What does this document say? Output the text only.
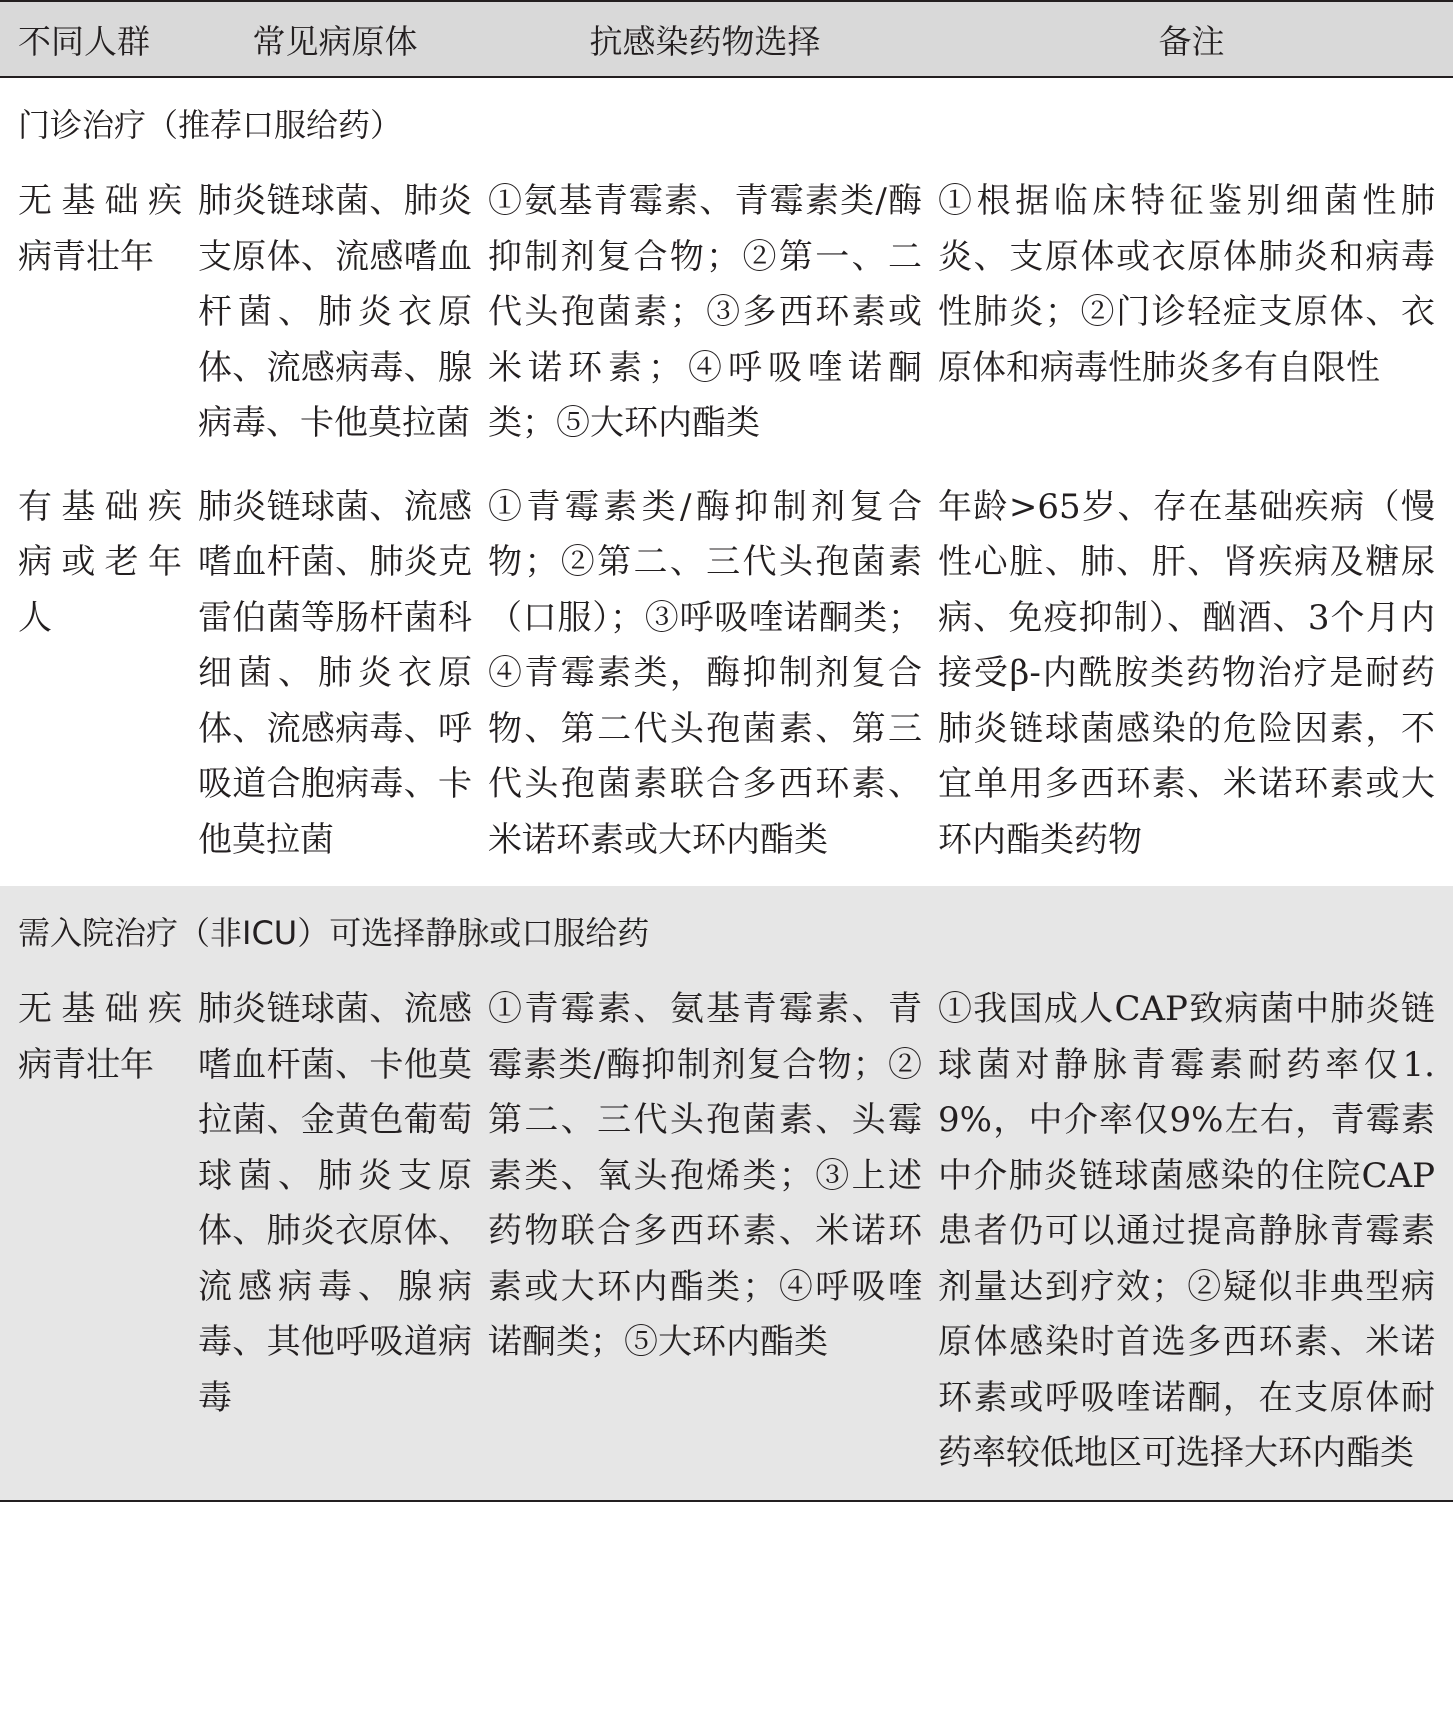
不同人群	常见病原体	抗感染药物选择	备注
门诊治疗（推荐口服给药）			
无基础疾病青壮年	肺炎链球菌、肺炎支原体、流感嗜血杆菌、肺炎衣原体、流感病毒、腺病毒、卡他莫拉菌	①氨基青霉素、青霉素类/酶抑制剂复合物；②第一、二代头孢菌素；③多西环素或米诺环素；④呼吸喹诺酮类；⑤大环内酯类	①根据临床特征鉴别细菌性肺炎、支原体或衣原体肺炎和病毒性肺炎；②门诊轻症支原体、衣原体和病毒性肺炎多有自限性
有基础疾病或老年人	肺炎链球菌、流感嗜血杆菌、肺炎克雷伯菌等肠杆菌科细菌、肺炎衣原体、流感病毒、呼吸道合胞病毒、卡他莫拉菌	①青霉素类/酶抑制剂复合物；②第二、三代头孢菌素（口服）；③呼吸喹诺酮类；④青霉素类，酶抑制剂复合物、第二代头孢菌素、第三代头孢菌素联合多西环素、米诺环素或大环内酯类	年龄>65岁、存在基础疾病（慢性心脏、肺、肝、肾疾病及糖尿病、免疫抑制）、酗酒、3个月内接受β-内酰胺类药物治疗是耐药肺炎链球菌感染的危险因素，不宜单用多西环素、米诺环素或大环内酯类药物
需入院治疗（非ICU）可选择静脉或口服给药			
无基础疾病青壮年	肺炎链球菌、流感嗜血杆菌、卡他莫拉菌、金黄色葡萄球菌、肺炎支原体、肺炎衣原体、流感病毒、腺病毒、其他呼吸道病毒	①青霉素、氨基青霉素、青霉素类/酶抑制剂复合物；②第二、三代头孢菌素、头霉素类、氧头孢烯类；③上述药物联合多西环素、米诺环素或大环内酯类；④呼吸喹诺酮类；⑤大环内酯类	①我国成人CAP致病菌中肺炎链球菌对静脉青霉素耐药率仅1.9%，中介率仅9%左右，青霉素中介肺炎链球菌感染的住院CAP患者仍可以通过提高静脉青霉素剂量达到疗效；②疑似非典型病原体感染时首选多西环素、米诺环素或呼吸喹诺酮，在支原体耐药率较低地区可选择大环内酯类
